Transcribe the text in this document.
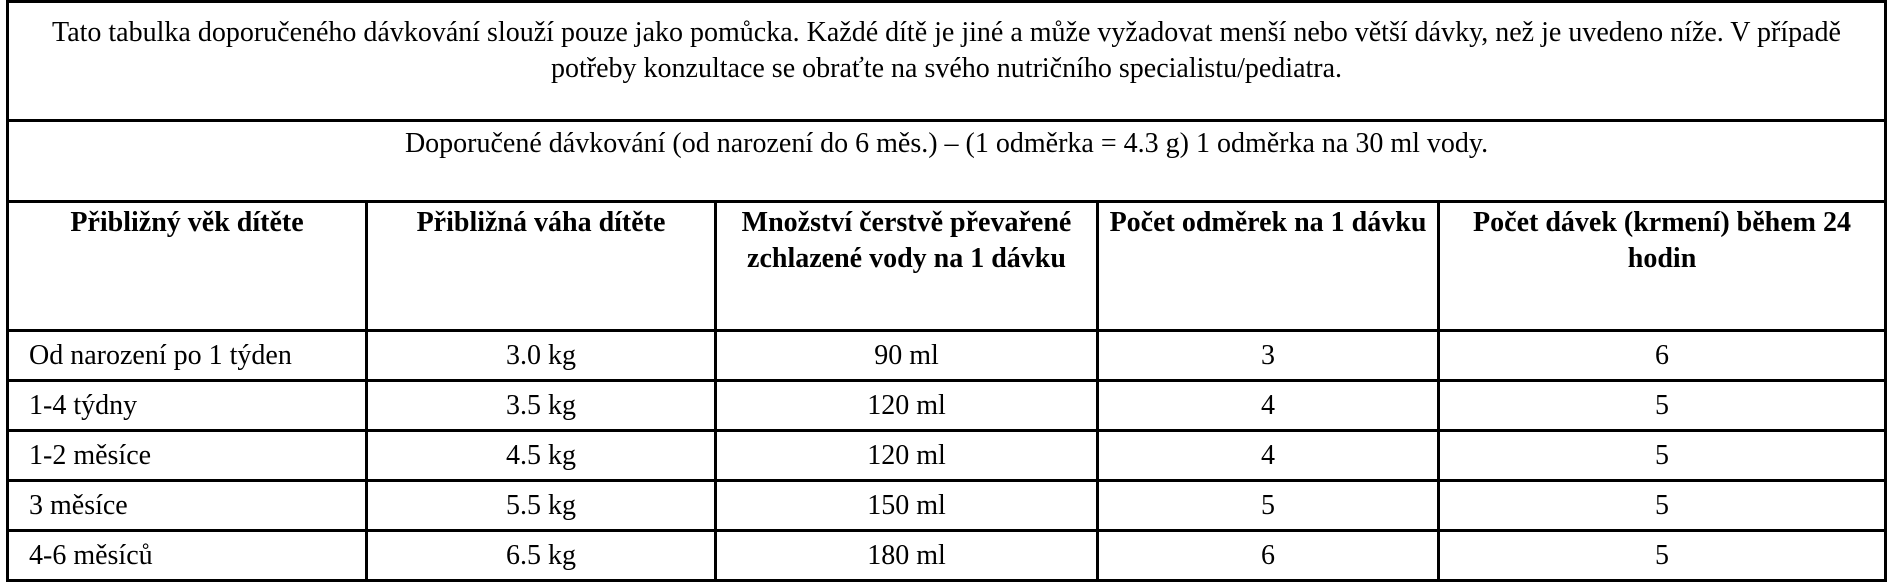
Tato tabulka doporučeného dávkování slouží pouze jako pomůcka. Každé dítě je jiné a může vyžadovat menší nebo větší dávky, než je uvedeno níže. V případě potřeby konzultace se obraťte na svého nutričního specialistu/pediatra.				
Doporučené dávkování (od narození do 6 měs.) – (1 odměrka = 4.3 g) 1 odměrka na 30 ml vody.				
Přibližný věk dítěte	Přibližná váha dítěte	Množství čerstvě převařené zchlazené vody na 1 dávku	Počet odměrek na 1 dávku	Počet dávek (krmení) během 24 hodin
Od narození po 1 týden	3.0 kg	90 ml	3	6
1-4 týdny	3.5 kg	120 ml	4	5
1-2 měsíce	4.5 kg	120 ml	4	5
3 měsíce	5.5 kg	150 ml	5	5
4-6 měsíců	6.5 kg	180 ml	6	5
